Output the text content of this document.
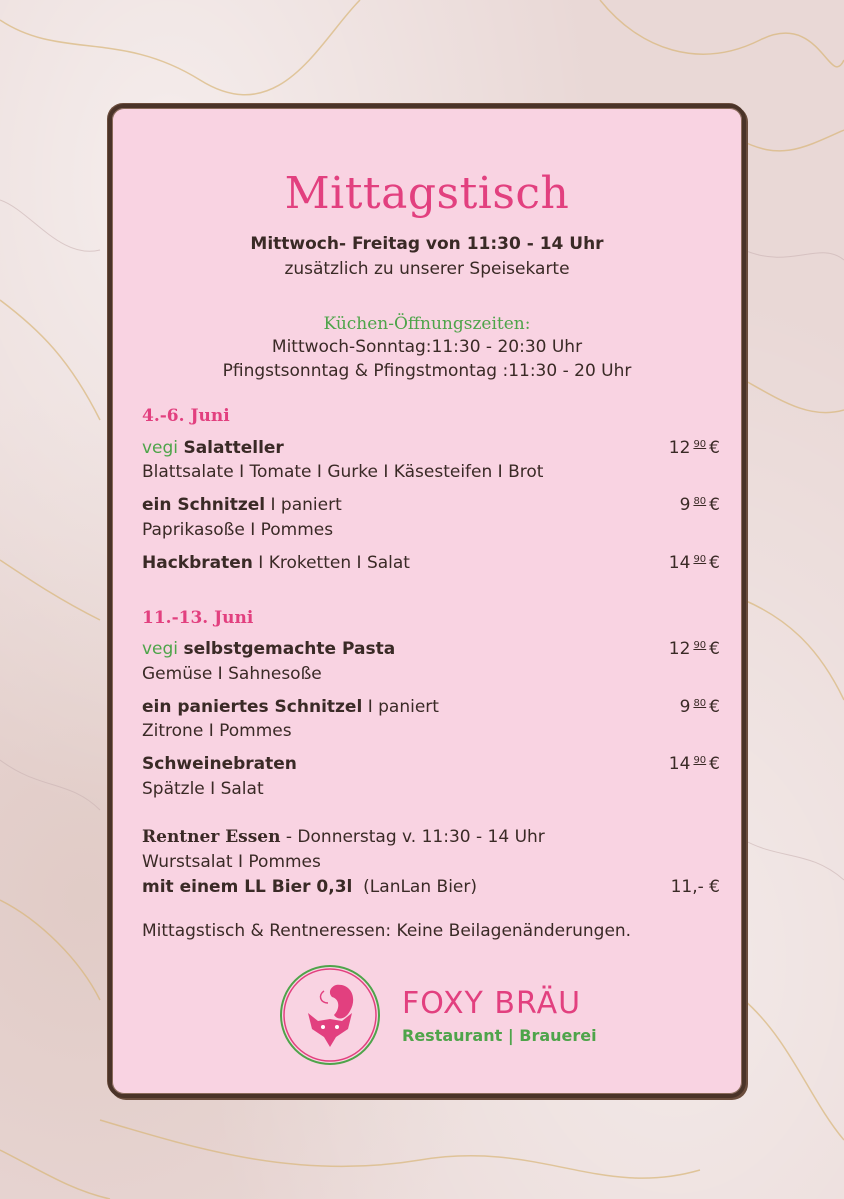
Mittagstisch
Mittwoch- Freitag von 11:30 - 14 Uhr
zusätzlich zu unserer Speisekarte
Küchen-Öffnungszeiten:
Mittwoch-Sonntag:11:30 - 20:30 Uhr
Pfingstsonntag & Pfingstmontag :11:30 - 20 Uhr
4.-6. Juni
vegi Salatteller	12 $^{90}$ €
Blattsalate I Tomate I Gurke I Käsesteifen I Brot
ein Schnitzel I paniert	9 $^{80}$ €
Paprikasoße I Pommes
Hackbraten I Kroketten I Salat	14 $^{90}$ €
11.-13. Juni
vegi selbstgemachte Pasta	12 $^{90}$ €
Gemüse I Sahnesoße
ein paniertes Schnitzel I paniert	9 $^{80}$ €
Zitrone I Pommes
Schweinebraten	14 $^{90}$ €
Spätzle I Salat
Rentner Essen - Donnerstag v. 11:30 - 14 Uhr
Wurstsalat I Pommes
mit einem LL Bier 0,3l  (LanLan Bier)	11,- €
Mittagstisch & Rentneressen: Keine Beilagenänderungen.
FOXY BRÄU
Restaurant | Brauerei
